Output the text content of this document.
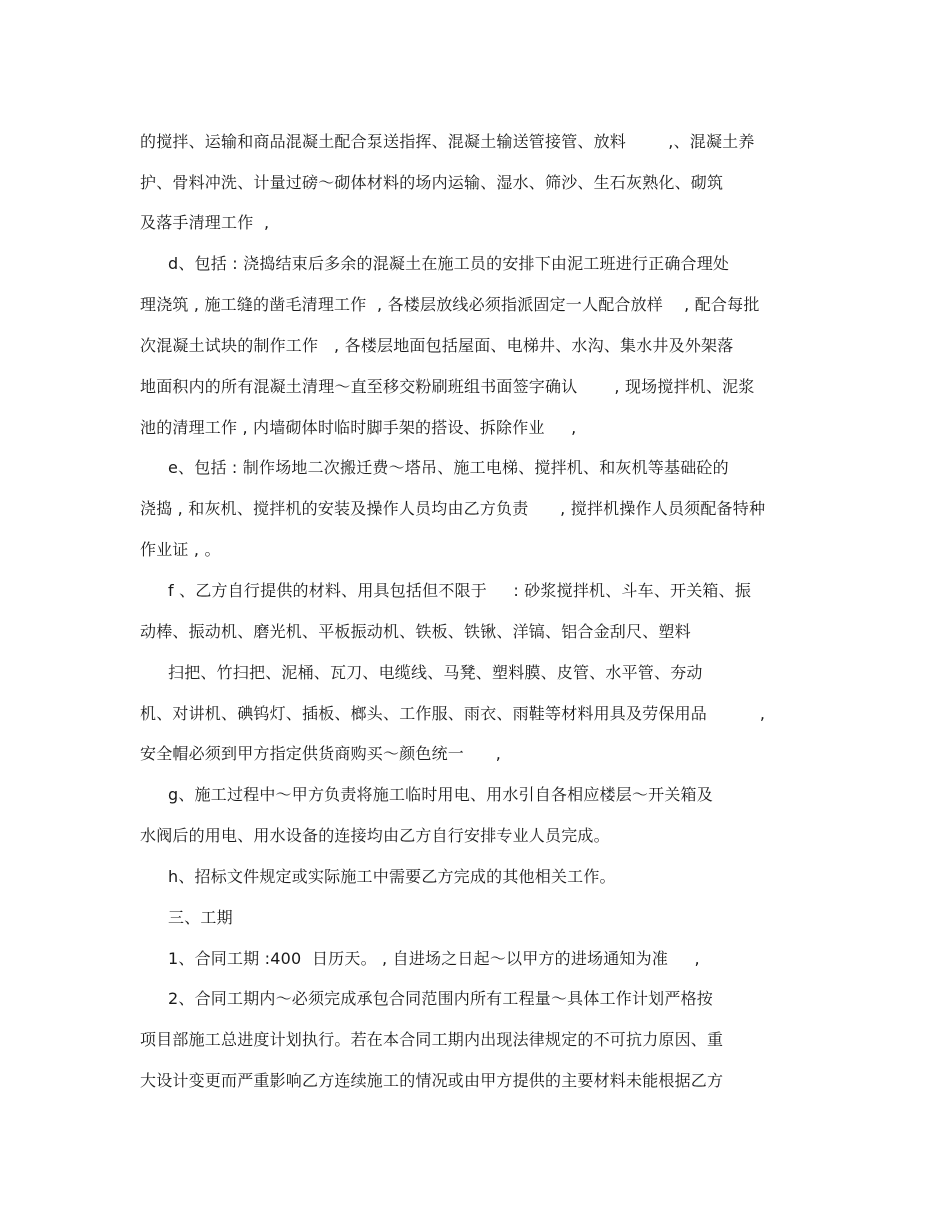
的搅拌、运输和商品混凝土配合泵送指挥、混凝土输送管接管、放料        ,、混凝土养
护、骨料冲洗、计量过磅～砌体材料的场内运输、湿水、筛沙、生石灰熟化、砌筑
及落手清理工作  ,
d、包括 : 浇捣结束后多余的混凝土在施工员的安排下由泥工班进行正确合理处
理浇筑 , 施工缝的凿毛清理工作  , 各楼层放线必须指派固定一人配合放样    , 配合每批
次混凝土试块的制作工作   , 各楼层地面包括屋面、电梯井、水沟、集水井及外架落
地面积内的所有混凝土清理～直至移交粉刷班组书面签字确认       , 现场搅拌机、泥浆
池的清理工作 , 内墙砌体时临时脚手架的搭设、拆除作业     ,
e、包括 : 制作场地二次搬迁费～塔吊、施工电梯、搅拌机、和灰机等基础砼的
浇捣 , 和灰机、搅拌机的安装及操作人员均由乙方负责      , 搅拌机操作人员须配备特种
作业证 , 。
f 、乙方自行提供的材料、用具包括但不限于     : 砂浆搅拌机、斗车、开关箱、振
动棒、振动机、磨光机、平板振动机、铁板、铁锹、洋镐、铝合金刮尺、塑料
扫把、竹扫把、泥桶、瓦刀、电缆线、马凳、塑料膜、皮管、水平管、夯动
机、对讲机、碘钨灯、插板、榔头、工作服、雨衣、雨鞋等材料用具及劳保用品          ,
安全帽必须到甲方指定供货商购买～颜色统一      ,
g、施工过程中～甲方负责将施工临时用电、用水引自各相应楼层～开关箱及
水阀后的用电、用水设备的连接均由乙方自行安排专业人员完成。
h、招标文件规定或实际施工中需要乙方完成的其他相关工作。
三、工期
1、合同工期 :400  日历天。 , 自进场之日起～以甲方的进场通知为准     ,
2、合同工期内～必须完成承包合同范围内所有工程量～具体工作计划严格按
项目部施工总进度计划执行。若在本合同工期内出现法律规定的不可抗力原因、重
大设计变更而严重影响乙方连续施工的情况或由甲方提供的主要材料未能根据乙方
